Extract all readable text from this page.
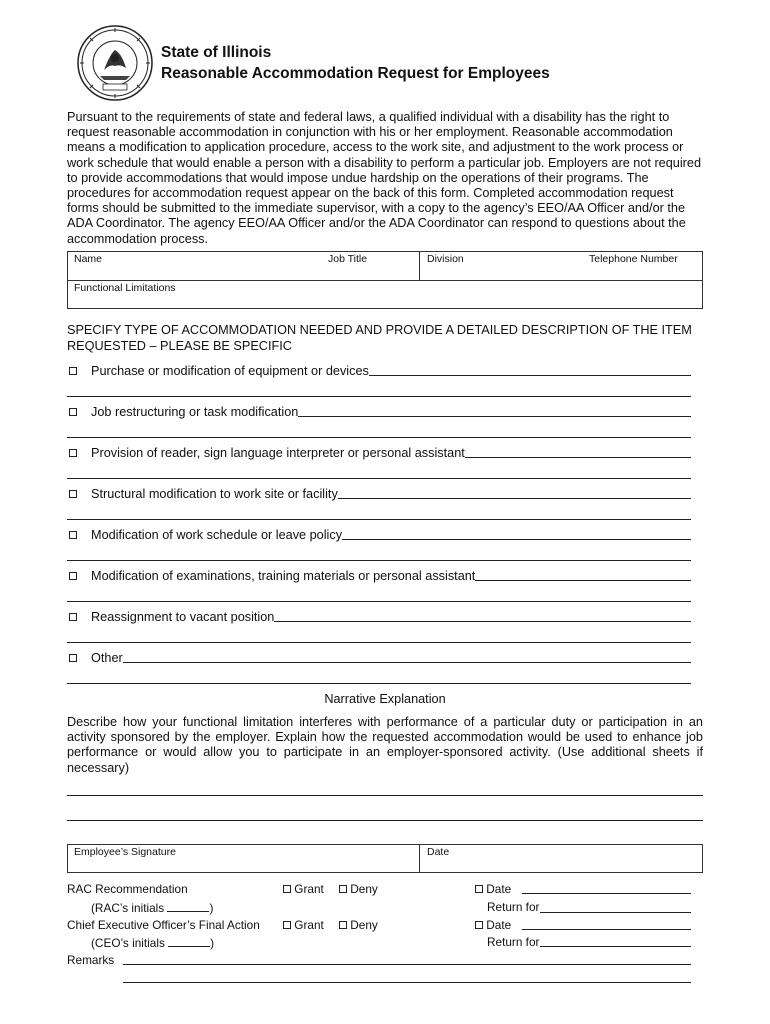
State of Illinois
Reasonable Accommodation Request for Employees
Pursuant to the requirements of state and federal laws, a qualified individual with a disability has the right to
request reasonable accommodation in conjunction with his or her employment. Reasonable accommodation
means a modification to application procedure, access to the work site, and adjustment to the work process or
work schedule that would enable a person with a disability to perform a particular job. Employers are not required
to provide accommodations that would impose undue hardship on the operations of their programs. The
procedures for accommodation request appear on the back of this form. Completed accommodation request
forms should be submitted to the immediate supervisor, with a copy to the agency’s EEO/AA Officer and/or the
ADA Coordinator. The agency EEO/AA Officer and/or the ADA Coordinator can respond to questions about the
accommodation process.
Name	Job Title	Division	Telephone Number
Functional Limitations
SPECIFY TYPE OF ACCOMMODATION NEEDED AND PROVIDE A DETAILED DESCRIPTION OF THE ITEM
REQUESTED – PLEASE BE SPECIFIC
Purchase or modification of equipment or devices
Job restructuring or task modification
Provision of reader, sign language interpreter or personal assistant
Structural modification to work site or facility
Modification of work schedule or leave policy
Modification of examinations, training materials or personal assistant
Reassignment to vacant position
Other
Narrative Explanation
Describe how your functional limitation interferes with performance of a particular duty or participation in an activity sponsored by the employer. Explain how the requested accommodation would be used to enhance job performance or would allow you to participate in an employer-sponsored activity. (Use additional sheets if necessary)
Employee’s Signature	Date
RAC Recommendation	Grant	Deny	Date
(RAC’s initials	)	Return for
Chief Executive Officer’s Final Action	Grant	Deny	Date
(CEO’s initials	)	Return for
Remarks
